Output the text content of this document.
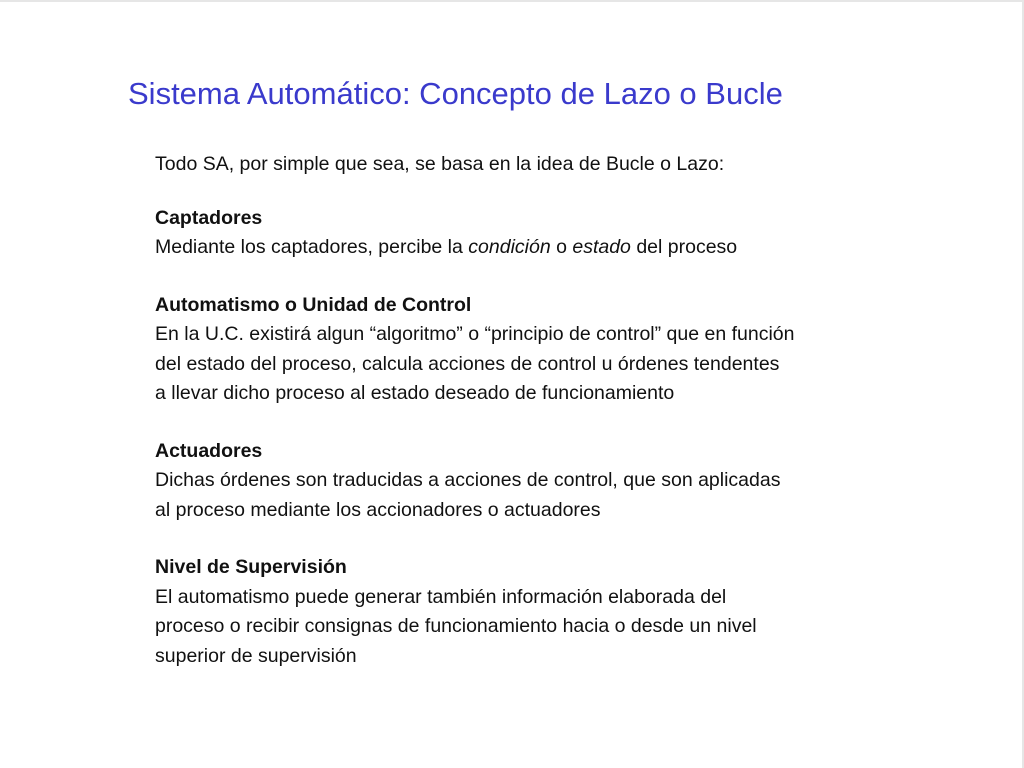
Sistema Automático: Concepto de Lazo o Bucle

Todo SA, por simple que sea, se basa en la idea de Bucle o Lazo:

Captadores

Mediante los captadores, percibe la condición o estado del proceso

Automatismo o Unidad de Control

En la U.C. existirá algun “algoritmo” o “principio de control” que en función
del estado del proceso, calcula acciones de control u órdenes tendentes
a llevar dicho proceso al estado deseado de funcionamiento

Actuadores

Dichas órdenes son traducidas a acciones de control, que son aplicadas
al proceso mediante los accionadores o actuadores

Nivel de Supervisión

El automatismo puede generar también información elaborada del
proceso o recibir consignas de funcionamiento hacia o desde un nivel
superior de supervisión
